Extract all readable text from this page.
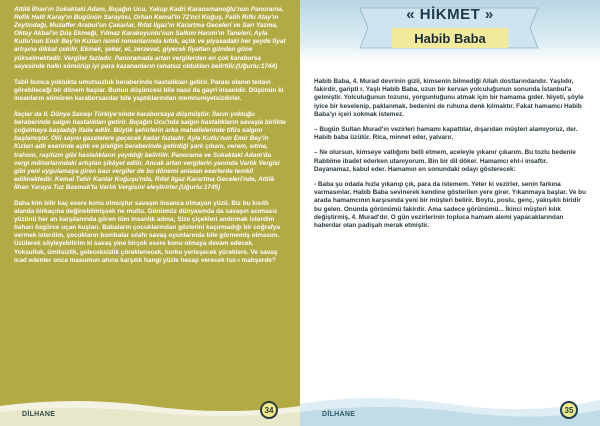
Attilâ İlhan'ın Sokaktaki Adam, Bıçağın Ucu, Yakup Kadri Karaosmanoğlu'nun Panorama, Refik Halit Karay'ın Bugünün Saraylısı, Orhan Kemal'in 72'nci Koğuş, Falih Rıfkı Atay'ın Zeytindağı, Muzaffer Arabul'un Çakarlar, Rıfat Ilgaz'ın Karartma Geceleri ve Sarı Yazma, Oktay Akbal'ın Düş Ekmeği, Yılmaz Karakoyunlu'nun Salkım Hanım'ın Taneleri, Ayla Kutlu'nun Emir Bey'in Kızları isimli romanlarında kıtlık, açlık ve piyasadaki her şeyde fiyat artışına dikkat çekilir. Ekmek, şeker, et, zerzevat, giyecek fiyatları günden güne yükselmektedir. Vergiler fazladır. Panoramada artan vergilerden en çok karaborsa sayesinde halkı sömürüp iyi para kazananların rahatsız oldukları belirtilir.(Uğurlu:1744)

Tabii bunca yoklukta umutsuzluk beraberinde hastalıkları getirir. Parası olanın tedavi görebileceği bir dönem başlar. Bunun düşüncesi bile nasıl da gayri insanidir. Düşünün ki insanların sömüren karaborsacılar bile yaptıklarından memnuniyetsizdirler.

İlaçlar da II. Dünya Savaşı Türkiye'sinde karaborsaya düşmüştür. İlacın yokluğu beraberinde salgın hastalıkları getirir. Bıçağın Ucu'nda salgın hastalıkların savaşla birlikte çoğalmaya başladığı ifade edilir. Büyük şehirlerin arka mahallelerinde tifüs salgını başlamıştır. Ölü sayısı gazetelere geçecek kadar fazladır. Ayla Kutlu'nun Emir Bey'in Kızları adlı eserinde açlık ve pisliğin beraberinde getirdiği şark çıbanı, verem, sıtma, trahom, raşitizm gibi hastalıkların yayıldığı belirtilir. Panorama ve Sokaktaki Adam'da vergi miktarlarındaki artıştan şikâyet edilir. Ancak artan vergilerin yanında Varlık Vergisi gibi yeni uygulamaya giren bazı vergiler de bu dönemi anlatan eserlerde temkil edilmektedir. Kemal Tahir Kanlar Koğuşu'nda, Rıfat Ilgaz Karartma Geceleri'nde, Attilâ İlhan Yaraya Tuz Basmak'ta Varlık Vergisini eleştirirler.(Uğurlu:1745)

Daha kim bilir kaç esere konu olmuştur savaşın insanca olmayan yüzü. Biz bu kısıtlı alanda birkaçına değinebilmişsek ne mutlu. Günümüz dünyasında da savaşın acımasız yüzünü her an karşılanında gören tüm insanlık adına; Size çiçekleri andırmak isterdim baharı özgürce uçan kuşları. Babaların çocuklarından gözlerini kaçırmadığı bir coğrafya vermek isterdim, çocukların bombalar sılahı savaş oyunlarında bile görmemiş olmasını. Üzülerek söyleyebilirim ki savaş yine birçok esere konu olmaya devam edecek. Yoksulluk, ümitsizlik, geleceksizlik çöreklenecek, korku yerleşecek yüreklere. Ve savaş icad edenler onca masumun ahına karşılık hangi yüzle hesap verecek ruz-ı mahşerde?

DİLHANE	34
« HİKMET »
Habib Baba

Habib Baba, 4. Murad devrinin gizli, kimsenin bilmediği Allah dostlarındandır. Yaşlıdır, fakirdir, garipti r. Yaşlı Habib Baba, uzun bir kervan yolculuğunun sonunda İstanbul'a gelmiştir. Yolculuğunun tozunu, yorgunluğunu atmak için bir hamama gider. Niyeti, şöyle iyice bir keselenip, paklanmak, bedenini de ruhuna denk kılmaktır. Fakat hamamcı Habib Baba'yı içeri sokmak istemez.

– Bugün Sultan Murad'ın vezirleri hamamı kapattılar, dışarıdan müşteri alamıyoruz, der. Habib baba üzülür. Rica, minnet eder, yalvarır.

– Ne olursun, kimseye vatlığımı belli etmem, aceleyle yıkanır çıkarım. Bu tozlu bedenle Rabbime ibadet ederken utanıyorum. Bin bir dil döker. Hamamcı ehl-i insaftır. Dayanamaz, kabul eder. Hamamın en sonundaki odayı gösterecek:

- Baba şu odada hızla yıkanıp çık, para da istemem. Yeter ki vezirler, senin farkına varmasınlar. Habib Baba sevinerek kendine gösterilen yere girer. Yıkanmaya başlar. Ve bu arada hamamcının karşısında yeni bir müşteri belirir. Boylu, poslu, genç, yakışıklı biridir bu gelen. Onunda görünümü fakirdir. Ama sadece görünümü... İkinci müşteri kılık değiştirmiş, 4. Murad'dır. O gün vezirlerinin topluca hamam alemi yapacaklarından haberdar olan padişah merak etmiştir.

DİLHANE	35
